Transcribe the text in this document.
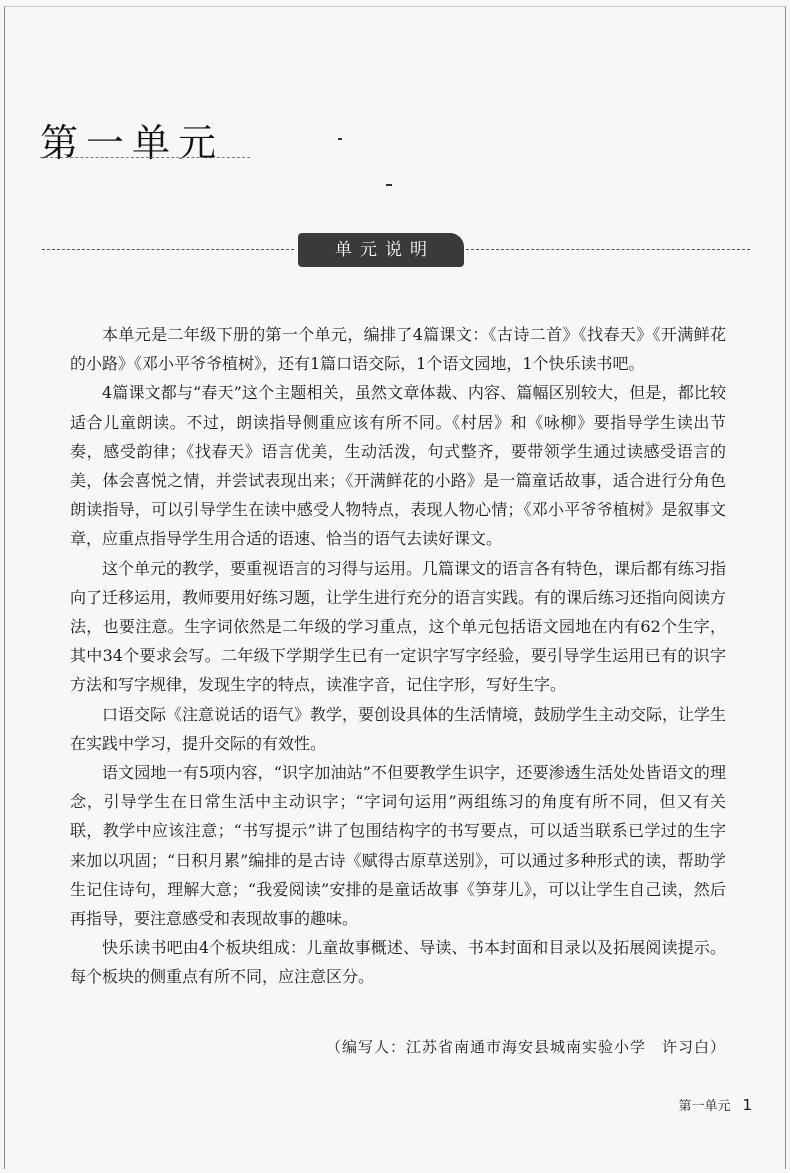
第一单元
单元说明

本单元是二年级下册的第一个单元，编排了4篇课文：《古诗二首》《找春天》《开满鲜花的小路》《邓小平爷爷植树》，还有1篇口语交际，1个语文园地，1个快乐读书吧。

4篇课文都与“春天”这个主题相关，虽然文章体裁、内容、篇幅区别较大，但是，都比较适合儿童朗读。不过，朗读指导侧重应该有所不同。《村居》和《咏柳》要指导学生读出节奏，感受韵律；《找春天》语言优美，生动活泼，句式整齐，要带领学生通过读感受语言的美，体会喜悦之情，并尝试表现出来；《开满鲜花的小路》是一篇童话故事，适合进行分角色朗读指导，可以引导学生在读中感受人物特点，表现人物心情；《邓小平爷爷植树》是叙事文章，应重点指导学生用合适的语速、恰当的语气去读好课文。

这个单元的教学，要重视语言的习得与运用。几篇课文的语言各有特色，课后都有练习指向了迁移运用，教师要用好练习题，让学生进行充分的语言实践。有的课后练习还指向阅读方法，也要注意。生字词依然是二年级的学习重点，这个单元包括语文园地在内有62个生字，其中34个要求会写。二年级下学期学生已有一定识字写字经验，要引导学生运用已有的识字方法和写字规律，发现生字的特点，读准字音，记住字形，写好生字。

口语交际《注意说话的语气》教学，要创设具体的生活情境，鼓励学生主动交际，让学生在实践中学习，提升交际的有效性。

语文园地一有5项内容，“识字加油站”不但要教学生识字，还要渗透生活处处皆语文的理念，引导学生在日常生活中主动识字；“字词句运用”两组练习的角度有所不同，但又有关联，教学中应该注意；“书写提示”讲了包围结构字的书写要点，可以适当联系已学过的生字来加以巩固；“日积月累”编排的是古诗《赋得古原草送别》，可以通过多种形式的读，帮助学生记住诗句，理解大意；“我爱阅读”安排的是童话故事《笋芽儿》，可以让学生自己读，然后再指导，要注意感受和表现故事的趣味。

快乐读书吧由4个板块组成：儿童故事概述、导读、书本封面和目录以及拓展阅读提示。每个板块的侧重点有所不同，应注意区分。

（编写人：江苏省南通市海安县城南实验小学　许习白）
第一单元 1
